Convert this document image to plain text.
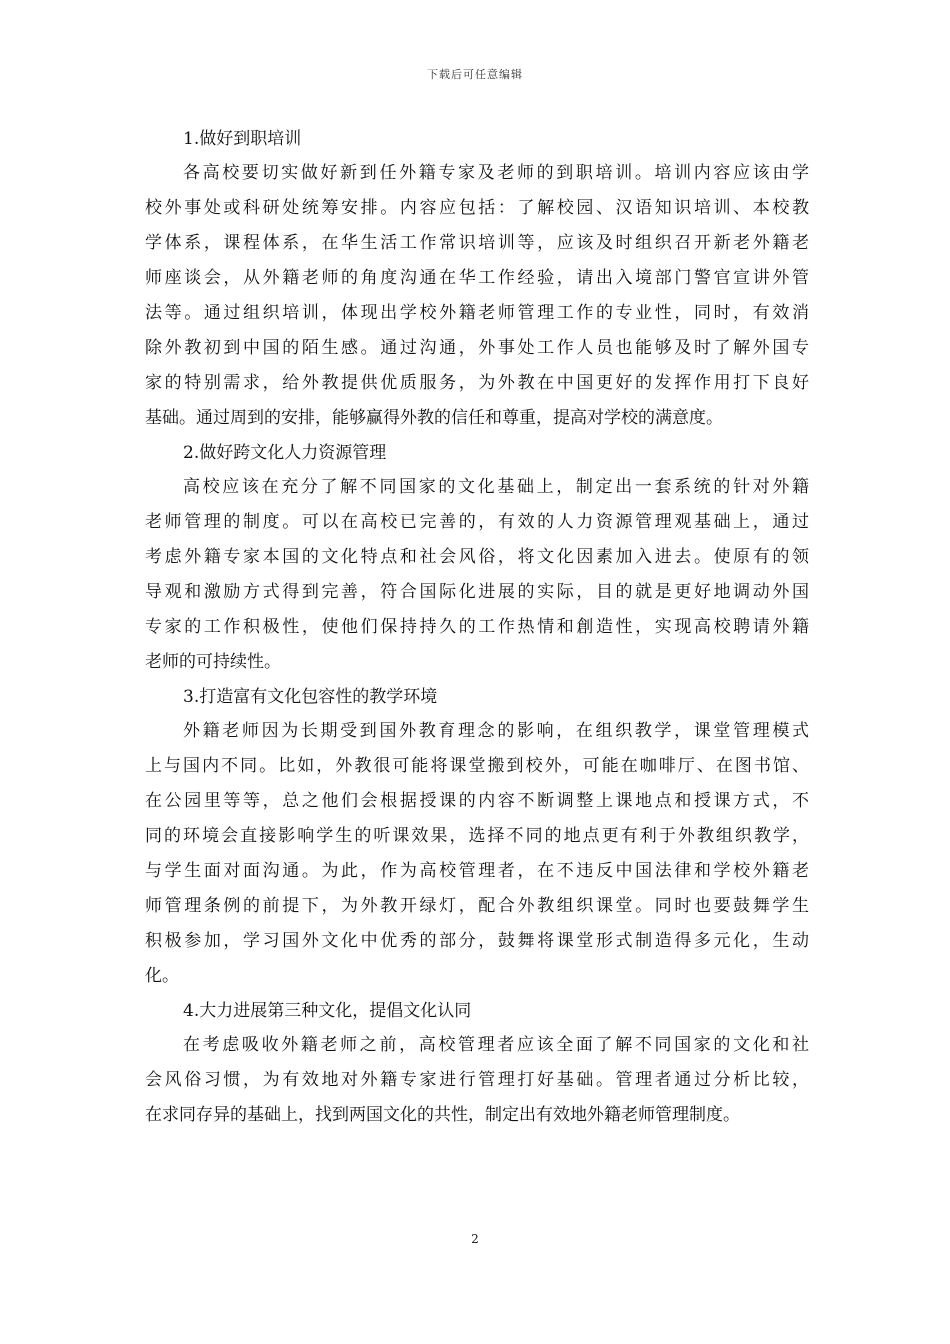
下载后可任意编辑
1.做好到职培训
各高校要切实做好新到任外籍专家及老师的到职培训。培训内容应该由学
校外事处或科研处统筹安排。内容应包括：了解校园、汉语知识培训、本校教
学体系，课程体系，在华生活工作常识培训等，应该及时组织召开新老外籍老
师座谈会，从外籍老师的角度沟通在华工作经验，请出入境部门警官宣讲外管
法等。通过组织培训，体现出学校外籍老师管理工作的专业性，同时，有效消
除外教初到中国的陌生感。通过沟通，外事处工作人员也能够及时了解外国专
家的特别需求，给外教提供优质服务，为外教在中国更好的发挥作用打下良好
基础。通过周到的安排，能够赢得外教的信任和尊重，提高对学校的满意度。
2.做好跨文化人力资源管理
高校应该在充分了解不同国家的文化基础上，制定出一套系统的针对外籍
老师管理的制度。可以在高校已完善的，有效的人力资源管理观基础上，通过
考虑外籍专家本国的文化特点和社会风俗，将文化因素加入进去。使原有的领
导观和激励方式得到完善，符合国际化进展的实际，目的就是更好地调动外国
专家的工作积极性，使他们保持持久的工作热情和創造性，实现高校聘请外籍
老师的可持续性。
3.打造富有文化包容性的教学环境
外籍老师因为长期受到国外教育理念的影响，在组织教学，课堂管理模式
上与国内不同。比如，外教很可能将课堂搬到校外，可能在咖啡厅、在图书馆、
在公园里等等，总之他们会根据授课的内容不断调整上课地点和授课方式，不
同的环境会直接影响学生的听课效果，选择不同的地点更有利于外教组织教学，
与学生面对面沟通。为此，作为高校管理者，在不违反中国法律和学校外籍老
师管理条例的前提下，为外教开绿灯，配合外教组织课堂。同时也要鼓舞学生
积极参加，学习国外文化中优秀的部分，鼓舞将课堂形式制造得多元化，生动
化。
4.大力进展第三种文化，提倡文化认同
在考虑吸收外籍老师之前，高校管理者应该全面了解不同国家的文化和社
会风俗习惯，为有效地对外籍专家进行管理打好基础。管理者通过分析比较，
在求同存异的基础上，找到两国文化的共性，制定出有效地外籍老师管理制度。
2
